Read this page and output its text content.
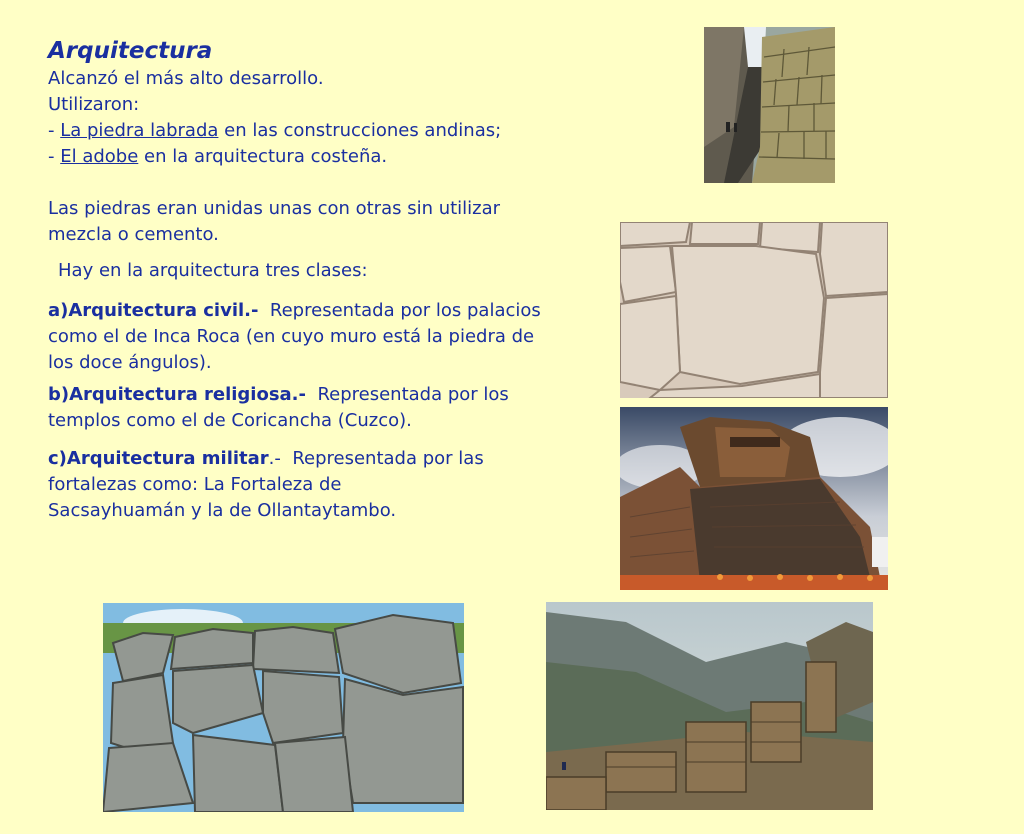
Arquitectura
Alcanzó el más alto desarrollo.
Utilizaron:
- La piedra labrada en las construcciones andinas;
- El adobe en la arquitectura costeña.
Las piedras eran unidas unas con otras sin utilizar
mezcla o cemento.
Hay en la arquitectura tres clases:
a)Arquitectura civil.-  Representada por los palacios
como el de Inca Roca (en cuyo muro está la piedra de
los doce ángulos).
b)Arquitectura religiosa.-  Representada por los
templos como el de Coricancha (Cuzco).
c)Arquitectura militar.-  Representada por las
fortalezas como: La Fortaleza de
Sacsayhuamán y la de Ollantaytambo.
